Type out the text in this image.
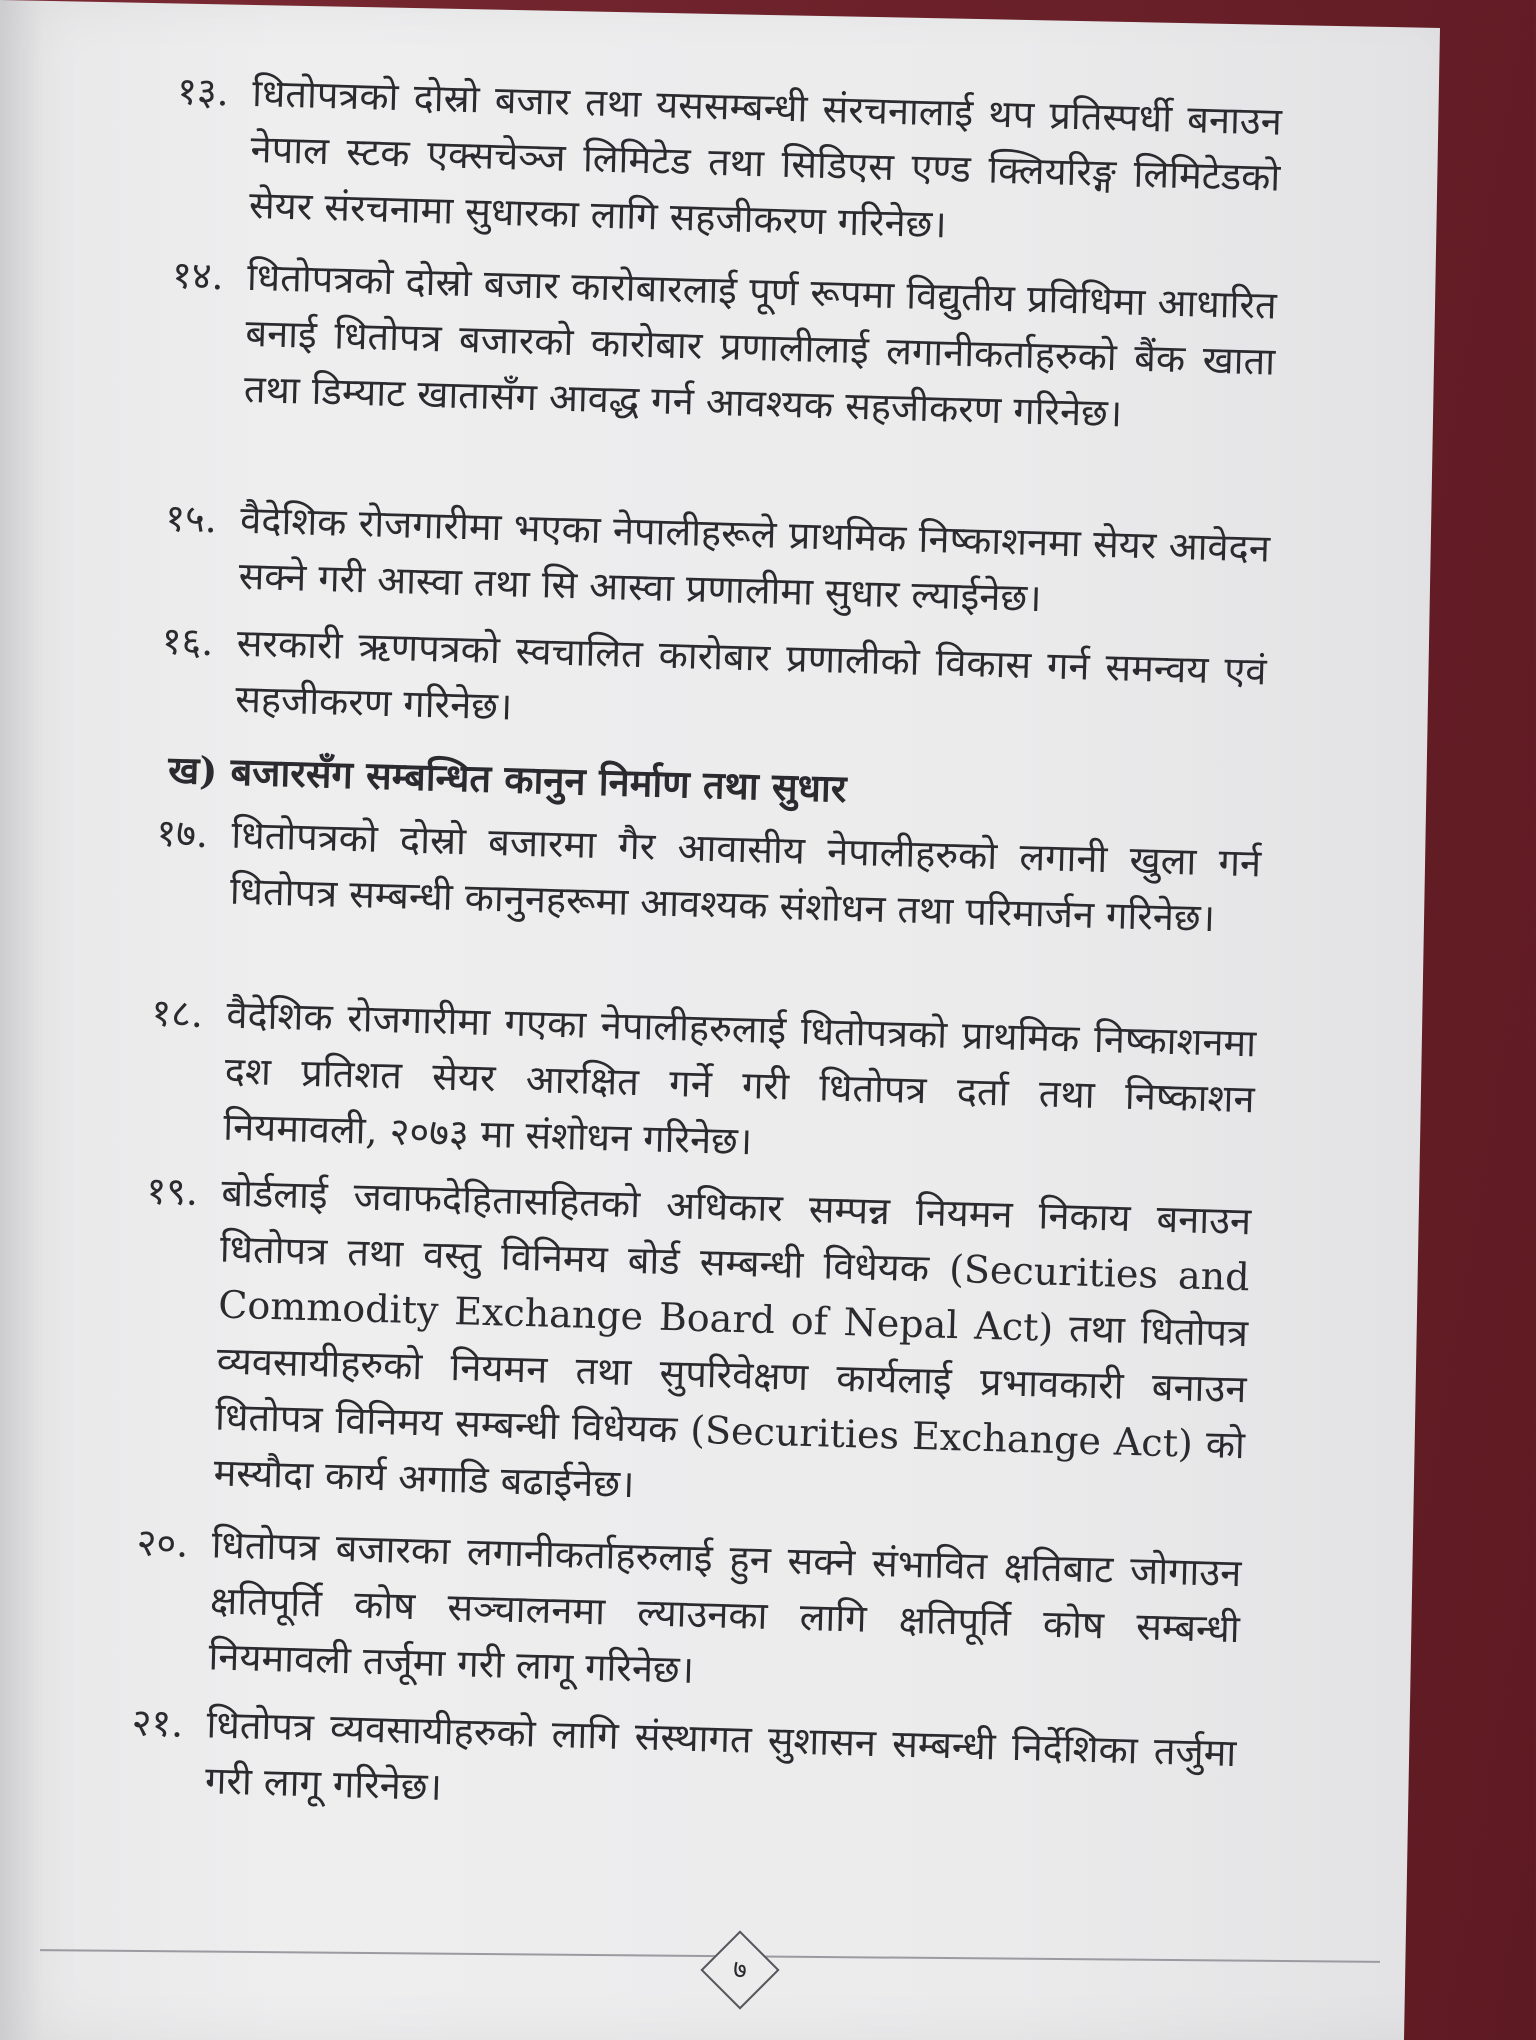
१३. धितोपत्रको दोस्रो बजार तथा यससम्बन्धी संरचनालाई थप प्रतिस्पर्धी बनाउन नेपाल स्टक एक्सचेञ्ज लिमिटेड तथा सिडिएस एण्ड क्लियरिङ्ग लिमिटेडको सेयर संरचनामा सुधारका लागि सहजीकरण गरिनेछ।
१४. धितोपत्रको दोस्रो बजार कारोबारलाई पूर्ण रूपमा विद्युतीय प्रविधिमा आधारित बनाई धितोपत्र बजारको कारोबार प्रणालीलाई लगानीकर्ताहरुको बैंक खाता तथा डिम्याट खातासँग आवद्ध गर्न आवश्यक सहजीकरण गरिनेछ।
१५. वैदेशिक रोजगारीमा भएका नेपालीहरूले प्राथमिक निष्काशनमा सेयर आवेदन सक्ने गरी आस्वा तथा सि आस्वा प्रणालीमा सुधार ल्याईनेछ।
१६. सरकारी ऋणपत्रको स्वचालित कारोबार प्रणालीको विकास गर्न समन्वय एवं सहजीकरण गरिनेछ।
ख) बजारसँग सम्बन्धित कानुन निर्माण तथा सुधार
१७. धितोपत्रको दोस्रो बजारमा गैर आवासीय नेपालीहरुको लगानी खुला गर्न धितोपत्र सम्बन्धी कानुनहरूमा आवश्यक संशोधन तथा परिमार्जन गरिनेछ।
१८. वैदेशिक रोजगारीमा गएका नेपालीहरुलाई धितोपत्रको प्राथमिक निष्काशनमा दश प्रतिशत सेयर आरक्षित गर्ने गरी धितोपत्र दर्ता तथा निष्काशन नियमावली, २०७३ मा संशोधन गरिनेछ।
१९. बोर्डलाई जवाफदेहितासहितको अधिकार सम्पन्न नियमन निकाय बनाउन धितोपत्र तथा वस्तु विनिमय बोर्ड सम्बन्धी विधेयक (Securities and Commodity Exchange Board of Nepal Act) तथा धितोपत्र व्यवसायीहरुको नियमन तथा सुपरिवेक्षण कार्यलाई प्रभावकारी बनाउन धितोपत्र विनिमय सम्बन्धी विधेयक (Securities Exchange Act) को मस्यौदा कार्य अगाडि बढाईनेछ।
२०. धितोपत्र बजारका लगानीकर्ताहरुलाई हुन सक्ने संभावित क्षतिबाट जोगाउन क्षतिपूर्ति कोष सञ्चालनमा ल्याउनका लागि क्षतिपूर्ति कोष सम्बन्धी नियमावली तर्जूमा गरी लागू गरिनेछ।
२१. धितोपत्र व्यवसायीहरुको लागि संस्थागत सुशासन सम्बन्धी निर्देशिका तर्जुमा गरी लागू गरिनेछ।
७
